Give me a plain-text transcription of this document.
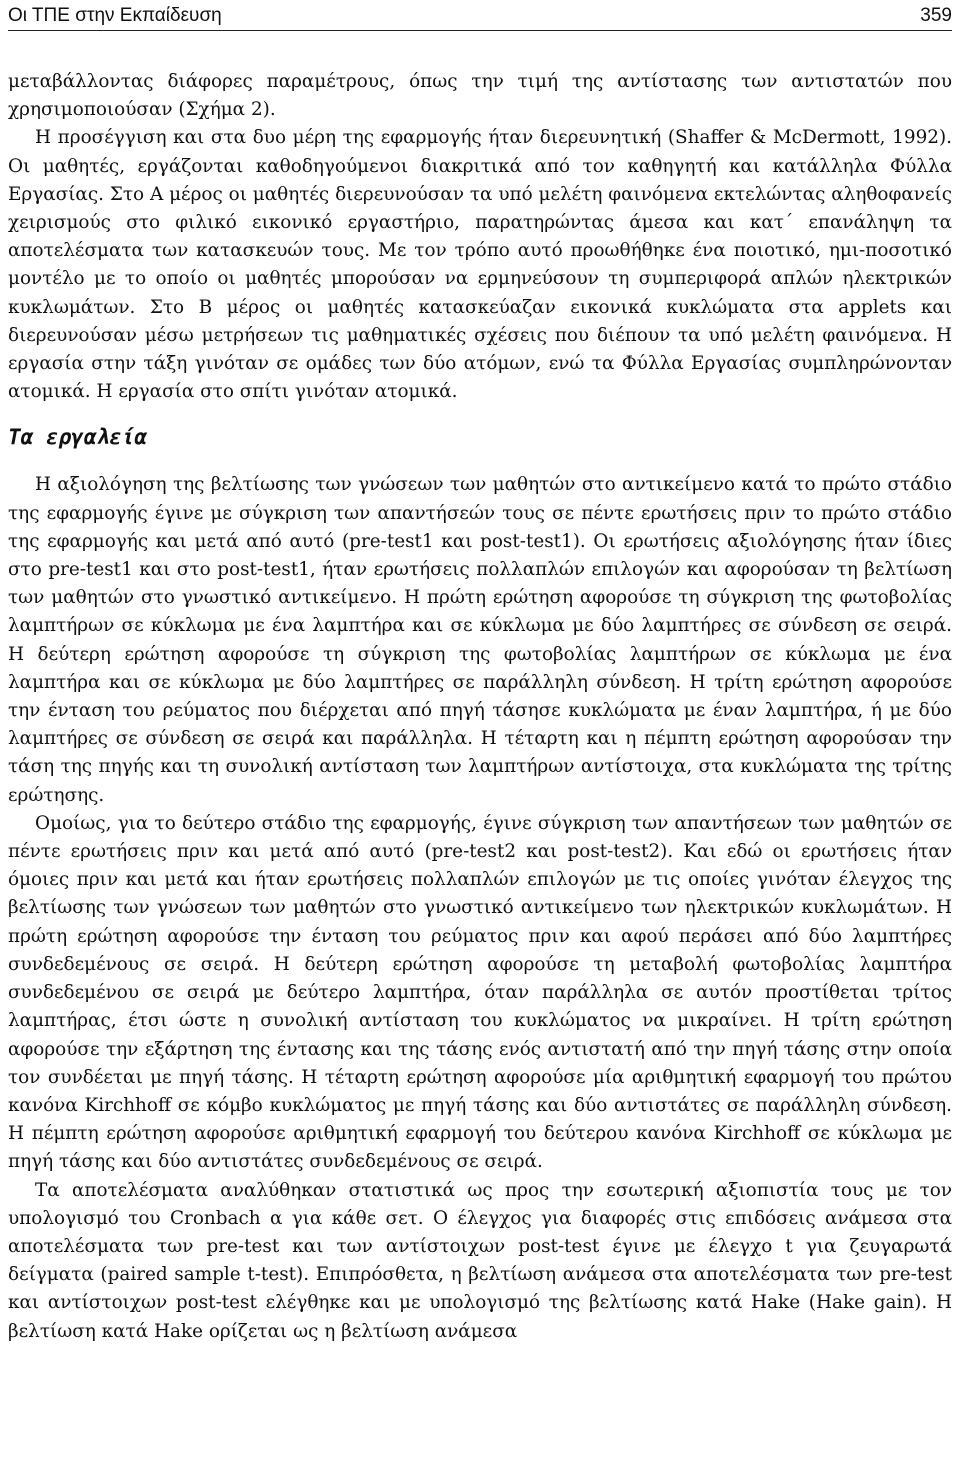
Οι ΤΠΕ στην Εκπαίδευση	359

μεταβάλλοντας διάφορες παραμέτρους, όπως την τιμή της αντίστασης των αντιστατών που χρησιμοποιούσαν (Σχήμα 2).

Η προσέγγιση και στα δυο μέρη της εφαρμογής ήταν διερευνητική (Shaffer & McDermott, 1992). Οι μαθητές, εργάζονται καθοδηγούμενοι διακριτικά από τον καθηγητή και κατάλληλα Φύλλα Εργασίας. Στο Α μέρος οι μαθητές διερευνούσαν τα υπό μελέτη φαινόμενα εκτελώντας αληθοφανείς χειρισμούς στο φιλικό εικονικό εργαστήριο, παρατηρώντας άμεσα και κατ΄ επανάληψη τα αποτελέσματα των κατασκευών τους. Με τον τρόπο αυτό προωθήθηκε ένα ποιοτικό, ημι-ποσοτικό μοντέλο με το οποίο οι μαθητές μπορούσαν να ερμηνεύσουν τη συμπεριφορά απλών ηλεκτρικών κυκλωμάτων. Στο Β μέρος οι μαθητές κατασκεύαζαν εικονικά κυκλώματα στα applets και διερευνούσαν μέσω μετρήσεων τις μαθηματικές σχέσεις που διέπουν τα υπό μελέτη φαινόμενα. Η εργασία στην τάξη γινόταν σε ομάδες των δύο ατόμων, ενώ τα Φύλλα Εργασίας συμπληρώνονταν ατομικά. Η εργασία στο σπίτι γινόταν ατομικά.

Τα εργαλεία

Η αξιολόγηση της βελτίωσης των γνώσεων των μαθητών στο αντικείμενο κατά το πρώτο στάδιο της εφαρμογής έγινε με σύγκριση των απαντήσεών τους σε πέντε ερωτήσεις πριν το πρώτο στάδιο της εφαρμογής και μετά από αυτό (pre-test1 και post-test1). Οι ερωτήσεις αξιολόγησης ήταν ίδιες στο pre-test1 και στο post-test1, ήταν ερωτήσεις πολλαπλών επιλογών και αφορούσαν τη βελτίωση των μαθητών στο γνωστικό αντικείμενο. Η πρώτη ερώτηση αφορούσε τη σύγκριση της φωτοβολίας λαμπτήρων σε κύκλωμα με ένα λαμπτήρα και σε κύκλωμα με δύο λαμπτήρες σε σύνδεση σε σειρά. Η δεύτερη ερώτηση αφορούσε τη σύγκριση της φωτοβολίας λαμπτήρων σε κύκλωμα με ένα λαμπτήρα και σε κύκλωμα με δύο λαμπτήρες σε παράλληλη σύνδεση. Η τρίτη ερώτηση αφορούσε την ένταση του ρεύματος που διέρχεται από πηγή τάσησε κυκλώματα με έναν λαμπτήρα, ή με δύο λαμπτήρες σε σύνδεση σε σειρά και παράλληλα. Η τέταρτη και η πέμπτη ερώτηση αφορούσαν την τάση της πηγής και τη συνολική αντίσταση των λαμπτήρων αντίστοιχα, στα κυκλώματα της τρίτης ερώτησης.

Ομοίως, για το δεύτερο στάδιο της εφαρμογής, έγινε σύγκριση των απαντήσεων των μαθητών σε πέντε ερωτήσεις πριν και μετά από αυτό (pre-test2 και post-test2). Και εδώ οι ερωτήσεις ήταν όμοιες πριν και μετά και ήταν ερωτήσεις πολλαπλών επιλογών με τις οποίες γινόταν έλεγχος της βελτίωσης των γνώσεων των μαθητών στο γνωστικό αντικείμενο των ηλεκτρικών κυκλωμάτων. Η πρώτη ερώτηση αφορούσε την ένταση του ρεύματος πριν και αφού περάσει από δύο λαμπτήρες συνδεδεμένους σε σειρά. Η δεύτερη ερώτηση αφορούσε τη μεταβολή φωτοβολίας λαμπτήρα συνδεδεμένου σε σειρά με δεύτερο λαμπτήρα, όταν παράλληλα σε αυτόν προστίθεται τρίτος λαμπτήρας, έτσι ώστε η συνολική αντίσταση του κυκλώματος να μικραίνει. Η τρίτη ερώτηση αφορούσε την εξάρτηση της έντασης και της τάσης ενός αντιστατή από την πηγή τάσης στην οποία τον συνδέεται με πηγή τάσης. Η τέταρτη ερώτηση αφορούσε μία αριθμητική εφαρμογή του πρώτου κανόνα Kirchhoff σε κόμβο κυκλώματος με πηγή τάσης και δύο αντιστάτες σε παράλληλη σύνδεση. Η πέμπτη ερώτηση αφορούσε αριθμητική εφαρμογή του δεύτερου κανόνα Kirchhoff σε κύκλωμα με πηγή τάσης και δύο αντιστάτες συνδεδεμένους σε σειρά.

Τα αποτελέσματα αναλύθηκαν στατιστικά ως προς την εσωτερική αξιοπιστία τους με τον υπολογισμό του Cronbach α για κάθε σετ. Ο έλεγχος για διαφορές στις επιδόσεις ανάμεσα στα αποτελέσματα των pre-test και των αντίστοιχων post-test έγινε με έλεγχο t για ζευγαρωτά δείγματα (paired sample t-test). Επιπρόσθετα, η βελτίωση ανάμεσα στα αποτελέσματα των pre-test και αντίστοιχων post-test ελέγθηκε και με υπολογισμό της βελτίωσης κατά Hake (Hake gain). Η βελτίωση κατά Hake ορίζεται ως η βελτίωση ανάμεσα
